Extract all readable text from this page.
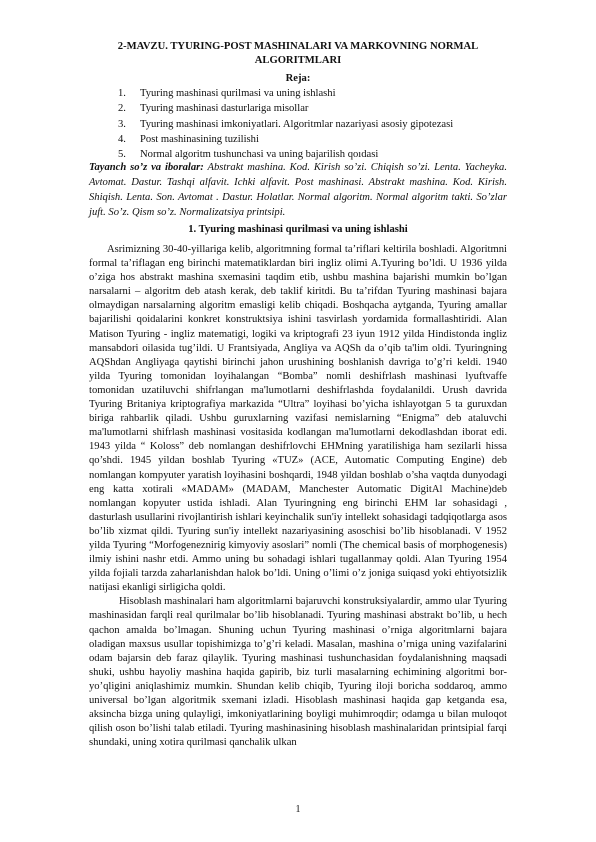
2-MAVZU. TYURING-POST MASHINALARI VA MARKOVNING NORMAL ALGORITMLARI
Reja:
1. Tyuring mashinasi qurilmasi va uning ishlashi
2. Tyuring mashinasi dasturlariga misollar
3. Tyuring mashinasi imkoniyatlari. Algoritmlar nazariyasi asosiy gipotezasi
4. Post mashinasining tuzilishi
5. Normal algoritm tushunchasi va uning bajarilish qoıdasi
Tayanch so’z va iboralar: Abstrakt mashina. Kod. Kirish so’zi. Chiqish so’zi. Lenta. Yacheyka. Avtomat. Dastur. Tashqi alfavit. Ichki alfavit. Post mashinasi. Abstrakt mashina. Kod. Kirish. Shiqish. Lenta. Son. Avtomat . Dastur. Holatlar. Normal algoritm. Normal algoritm takti. So’zlar juft. So’z. Qism so’z. Normalizatsiya printsipi.
1. Tyuring mashinasi qurilmasi va uning ishlashi

Asrimizning 30-40-yillariga kelib, algoritmning formal ta’riflari keltirila boshladi. Algoritmni formal ta’riflagan eng birinchi matematiklardan biri ingliz olimi A.Tyuring bo’ldi. U 1936 yilda o’ziga hos abstrakt mashina sxemasini taqdim etib, ushbu mashina bajarishi mumkin bo’lgan narsalarni – algoritm deb atash kerak, deb taklif kiritdi. Bu ta’rifdan Tyuring mashinasi bajara olmaydigan narsalarning algoritm emasligi kelib chiqadi. Boshqacha aytganda, Tyuring amallar bajarilishi qoidalarini konkret konstruktsiya ishini tasvirlash yordamida formallashtiridi. Alan Matison Tyuring - ingliz matematigi, logiki va kriptografi 23 iyun 1912 yilda Hindistonda ingliz mansabdori oilasida tug’ildi. U Frantsiyada, Angliya va AQSh da o’qib ta'lim oldi. Tyuringning AQShdan Angliyaga qaytishi birinchi jahon urushining boshlanish davriga to’g’ri keldi. 1940 yilda Tyuring tomonidan loyihalangan “Bomba” nomli deshifrlash mashinasi lyuftvaffe tomonidan uzatiluvchi shifrlangan ma'lumotlarni deshifrlashda foydalanildi. Urush davrida Tyuring Britaniya kriptografiya markazida “Ultra” loyihasi bo’yicha ishlayotgan 5 ta guruxdan biriga rahbarlik qiladi. Ushbu guruxlarning vazifasi nemislarning “Enigma” deb ataluvchi ma'lumotlarni shifrlash mashinasi vositasida kodlangan ma'lumotlarni dekodlashdan iborat edi. 1943 yilda “ Koloss” deb nomlangan deshifrlovchi EHMning yaratilishiga ham sezilarli hissa qo’shdi. 1945 yildan boshlab Tyuring «TUZ» (ACE, Automatic Computing Engine) deb nomlangan kompyuter yaratish loyihasini boshqardi, 1948 yildan boshlab o’sha vaqtda dunyodagi eng katta xotirali «MADAM» (MADAM, Manchester Automatic DigitAl Machine)deb nomlangan kopyuter ustida ishladi. Alan Tyuringning eng birinchi EHM lar sohasidagi , dasturlash usullarini rivojlantirish ishlari keyinchalik sun'iy intellekt sohasidagi tadqiqotlarga asos bo’lib xizmat qildi. Tyuring sun'iy intellekt nazariyasining asoschisi bo’lib hisoblanadi. V 1952 yilda Tyuring “Morfogeneznirig kimyoviy asoslari” nomli (The chemical basis of morphogenesis) ilmiy ishini nashr etdi. Ammo uning bu sohadagi ishlari tugallanmay qoldi. Alan Tyuring 1954 yilda fojiali tarzda zaharlanishdan halok bo’ldi. Uning o’limi o’z joniga suiqasd yoki ehtiyotsizlik natijasi ekanligi sirligicha qoldi.

Hisoblash mashinalari ham algoritmlarni bajaruvchi konstruksiyalardir, ammo ular Tyuring mashinasidan farqli real qurilmalar bo’lib hisoblanadi. Tyuring mashinasi abstrakt bo’lib, u hech qachon amalda bo’lmagan. Shuning uchun Tyuring mashinasi o’rniga algoritmlarni bajara oladigan maxsus usullar topishimizga to’g’ri keladi. Masalan, mashina o’rniga uning vazifalarini odam bajarsin deb faraz qilaylik. Tyuring mashinasi tushunchasidan foydalanishning maqsadi shuki, ushbu hayoliy mashina haqida gapirib, biz turli masalarning echimining algoritmi bor-yo’qligini aniqlashimiz mumkin. Shundan kelib chiqib, Tyuring iloji boricha soddaroq, ammo universal bo’lgan algoritmik sxemani izladi. Hisoblash mashinasi haqida gap ketganda esa, aksincha bizga uning qulayligi, imkoniyatlarining boyligi muhimroqdir; odamga u bilan muloqot qilish oson bo’lishi talab etiladi. Tyuring mashinasining hisoblash mashinalaridan printsipial farqi shundaki, uning xotira qurilmasi qanchalik ulkan

1
